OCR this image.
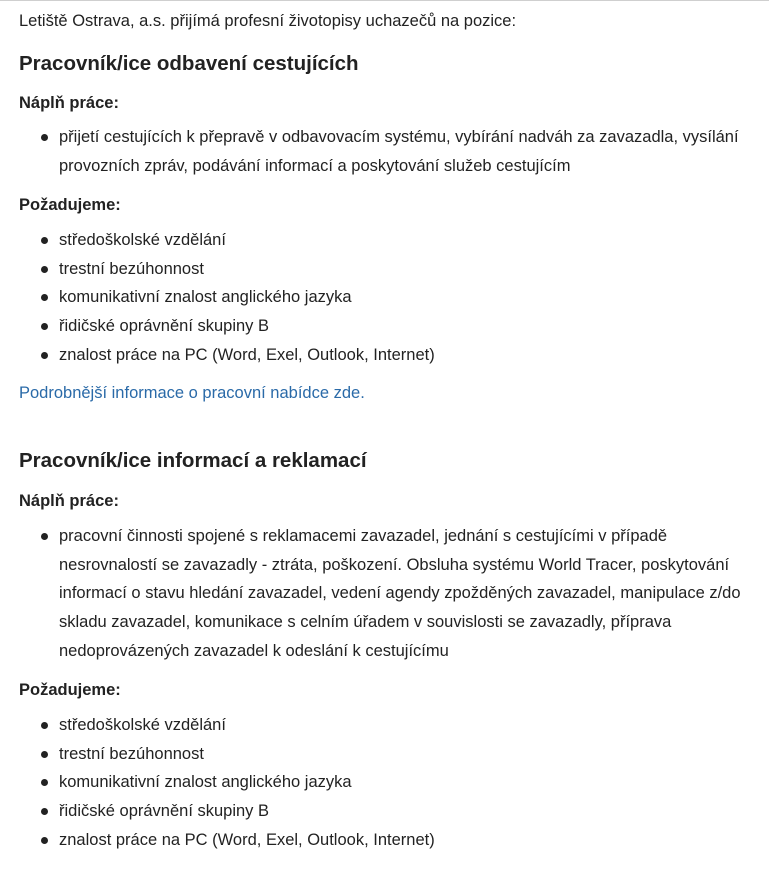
Letiště Ostrava, a.s. přijímá profesní životopisy uchazečů na pozice:

Pracovník/ice odbavení cestujících
Náplň práce:
přijetí cestujících k přepravě v odbavovacím systému, vybírání nadváh za zavazadla, vysílání provozních zpráv, podávání informací a poskytování služeb cestujícím
Požadujeme:
středoškolské vzdělání
trestní bezúhonnost
komunikativní znalost anglického jazyka
řidičské oprávnění skupiny B
znalost práce na PC (Word, Exel, Outlook, Internet)
Podrobnější informace o pracovní nabídce zde.
Pracovník/ice informací a reklamací
Náplň práce:
pracovní činnosti spojené s reklamacemi zavazadel, jednání s cestujícími v případě nesrovnalostí se zavazadly - ztráta, poškození. Obsluha systému World Tracer, poskytování informací o stavu hledání zavazadel, vedení agendy zpožděných zavazadel, manipulace z/do skladu zavazadel, komunikace s celním úřadem v souvislosti se zavazadly, příprava nedoprovázených zavazadel k odeslání k cestujícímu
Požadujeme:
středoškolské vzdělání
trestní bezúhonnost
komunikativní znalost anglického jazyka
řidičské oprávnění skupiny B
znalost práce na PC (Word, Exel, Outlook, Internet)
